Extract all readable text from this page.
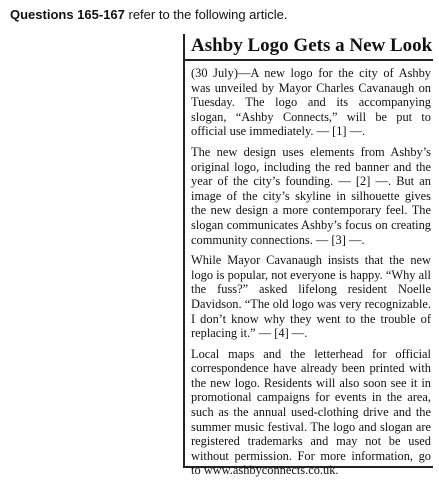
Questions 165-167 refer to the following article.
Ashby Logo Gets a New Look

(30 July)—A new logo for the city of Ashby was unveiled by Mayor Charles Cavanaugh on Tuesday. The logo and its accompanying slogan, “Ashby Connects,” will be put to official use immediately. — [1] —.

The new design uses elements from Ashby’s original logo, including the red banner and the year of the city’s founding. — [2] —. But an image of the city’s skyline in silhouette gives the new design a more contemporary feel. The slogan communicates Ashby’s focus on creating community connections. — [3] —.

While Mayor Cavanaugh insists that the new logo is popular, not everyone is happy. “Why all the fuss?” asked lifelong resident Noelle Davidson. “The old logo was very recognizable. I don’t know why they went to the trouble of replacing it.” — [4] —.

Local maps and the letterhead for official correspondence have already been printed with the new logo. Residents will also soon see it in promotional campaigns for events in the area, such as the annual used-clothing drive and the summer music festival. The logo and slogan are registered trademarks and may not be used without permission. For more information, go to www.ashbyconnects.co.uk.
